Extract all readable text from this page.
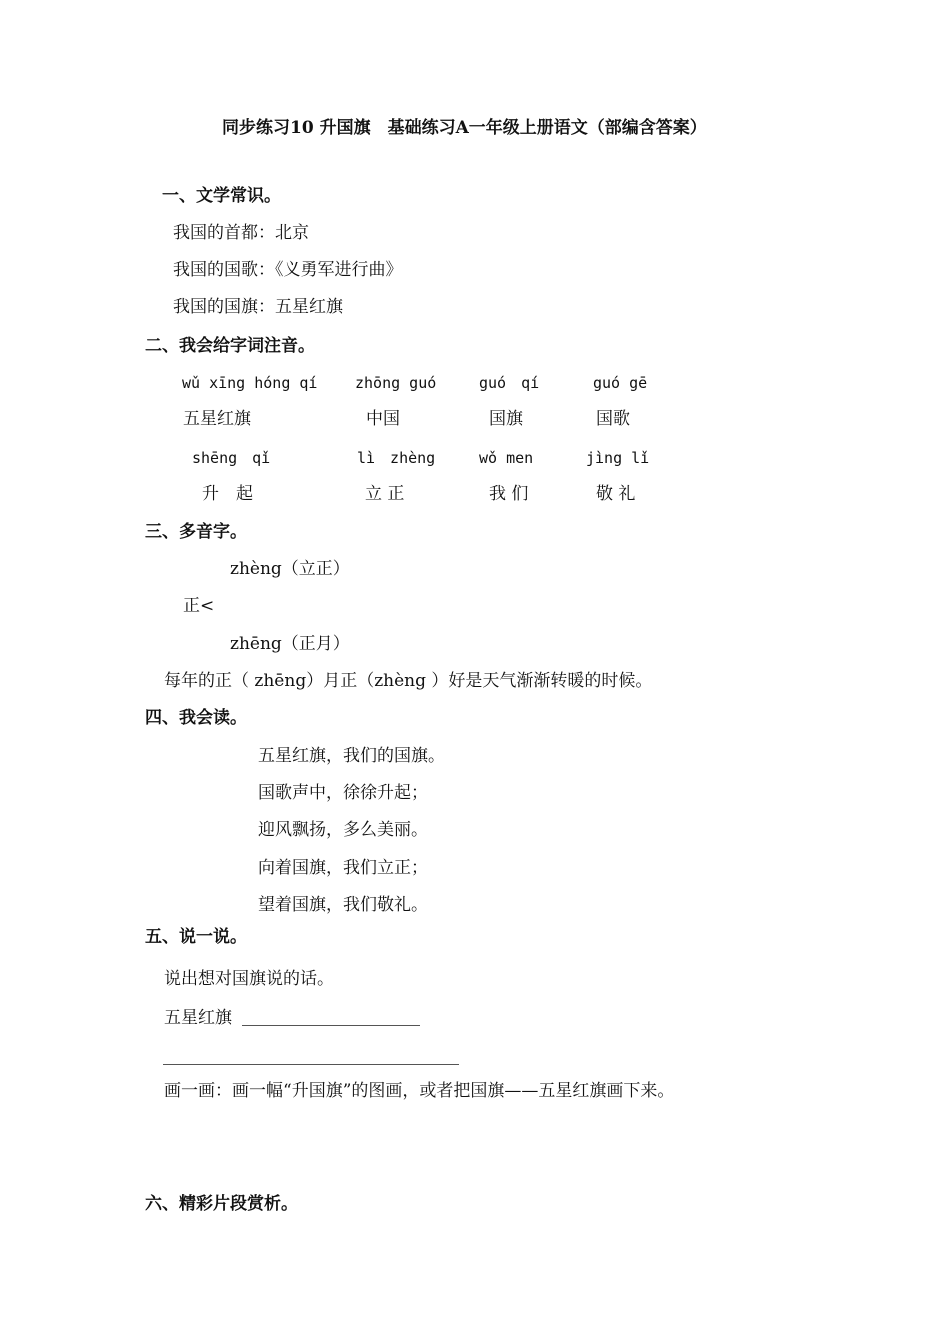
同步练习10 升国旗　基础练习A一年级上册语文（部编含答案）
一、文学常识。
我国的首都：北京
我国的国歌：《义勇军进行曲》
我国的国旗：五星红旗
二、我会给字词注音。
wǔ xīng hóng qí	zhōng guó	guó　qí	guó gē
五星红旗	中国	国旗	国歌
shēng　qǐ	lì　zhèng	wǒ men	jìng lǐ
升　起	立 正	我 们	敬 礼
三、多音字。
zhèng（立正）
正<
zhēng（正月）
每年的正（ zhēng）月正（zhèng ）好是天气渐渐转暖的时候。
四、我会读。
五星红旗，我们的国旗。
国歌声中，徐徐升起；
迎风飘扬，多么美丽。
向着国旗，我们立正；
望着国旗，我们敬礼。
五、说一说。
说出想对国旗说的话。
五星红旗
画一画：画一幅“升国旗”的图画，或者把国旗——五星红旗画下来。
六、精彩片段赏析。
